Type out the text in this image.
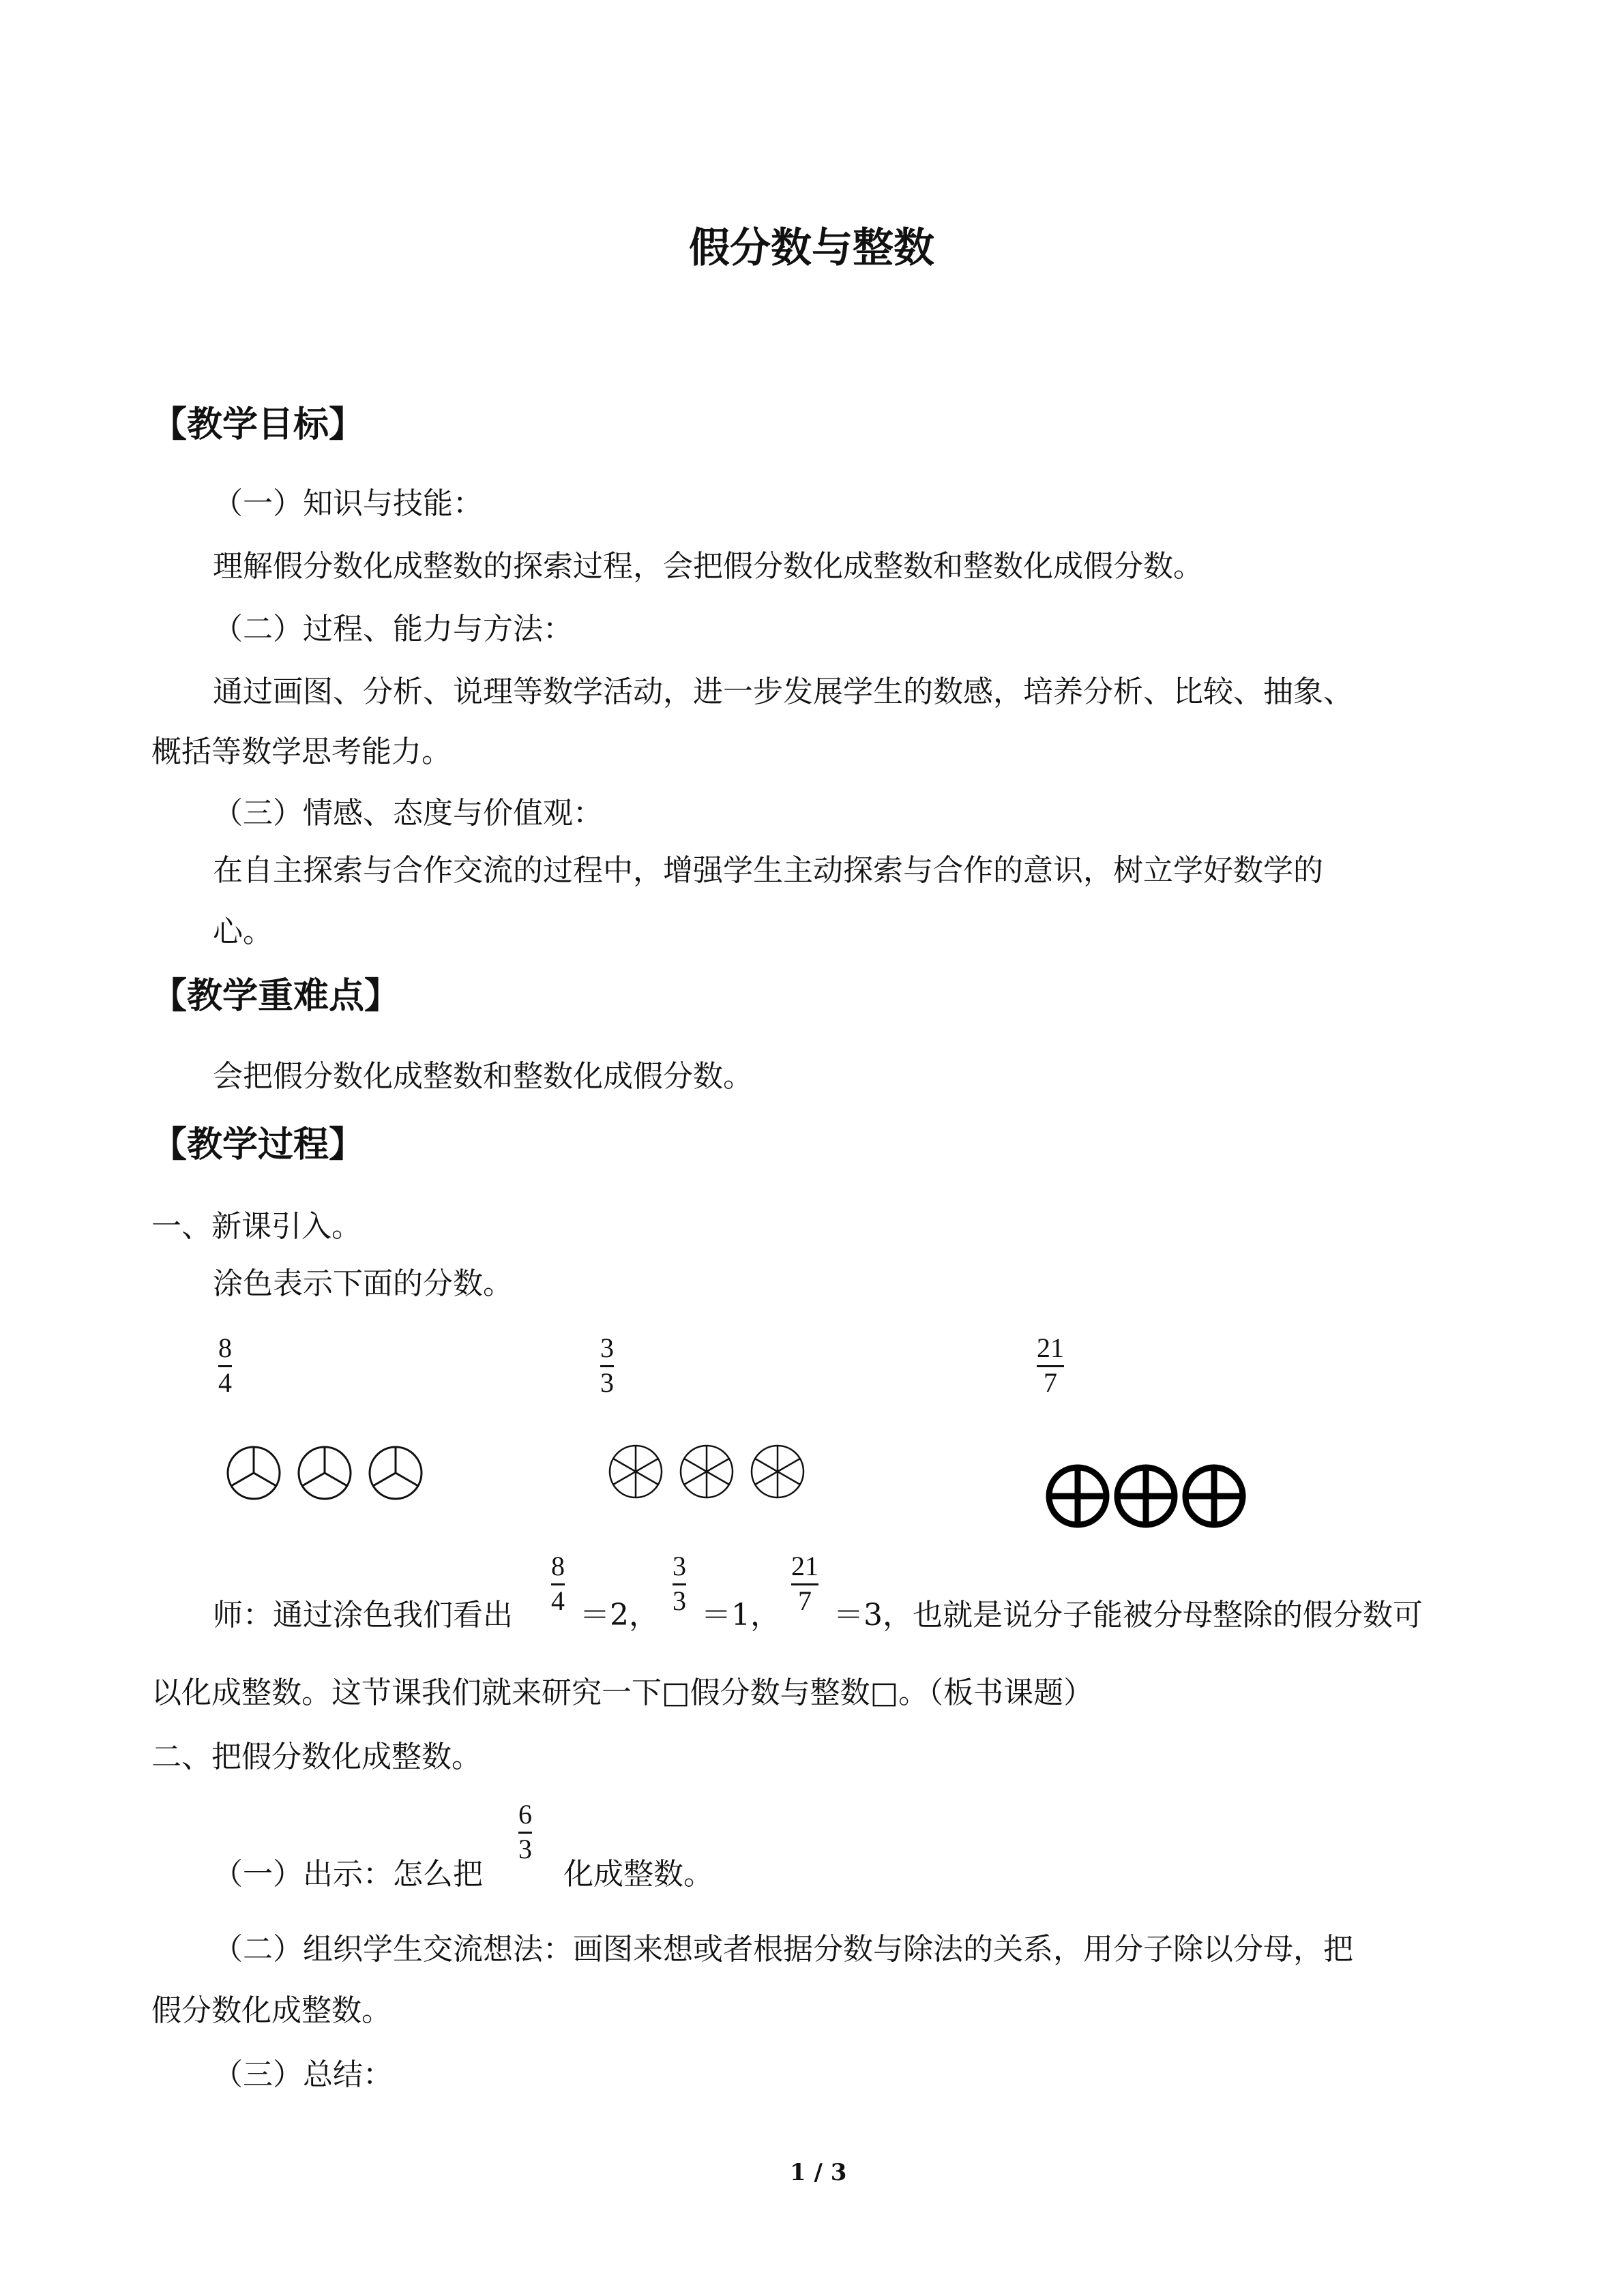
假分数与整数
【教学目标】
（一）知识与技能：
理解假分数化成整数的探索过程，会把假分数化成整数和整数化成假分数。
（二）过程、能力与方法：
通过画图、分析、说理等数学活动，进一步发展学生的数感，培养分析、比较、抽象、
概括等数学思考能力。
（三）情感、态度与价值观：
在自主探索与合作交流的过程中，增强学生主动探索与合作的意识，树立学好数学的
心。
【教学重难点】
会把假分数化成整数和整数化成假分数。
【教学过程】
一、新课引入。
涂色表示下面的分数。
8
4
3
3
21
7
师：通过涂色我们看出
8
4 ＝2，
3
3 ＝1，
21
7 ＝3，也就是说分子能被分母整除的假分数可
以化成整数。这节课我们就来研究一下□假分数与整数□。（板书课题）
二、把假分数化成整数。
（一）出示：怎么把
6
3
化成整数。
（二）组织学生交流想法：画图来想或者根据分数与除法的关系，用分子除以分母，把
假分数化成整数。
（三）总结：
1 / 3
